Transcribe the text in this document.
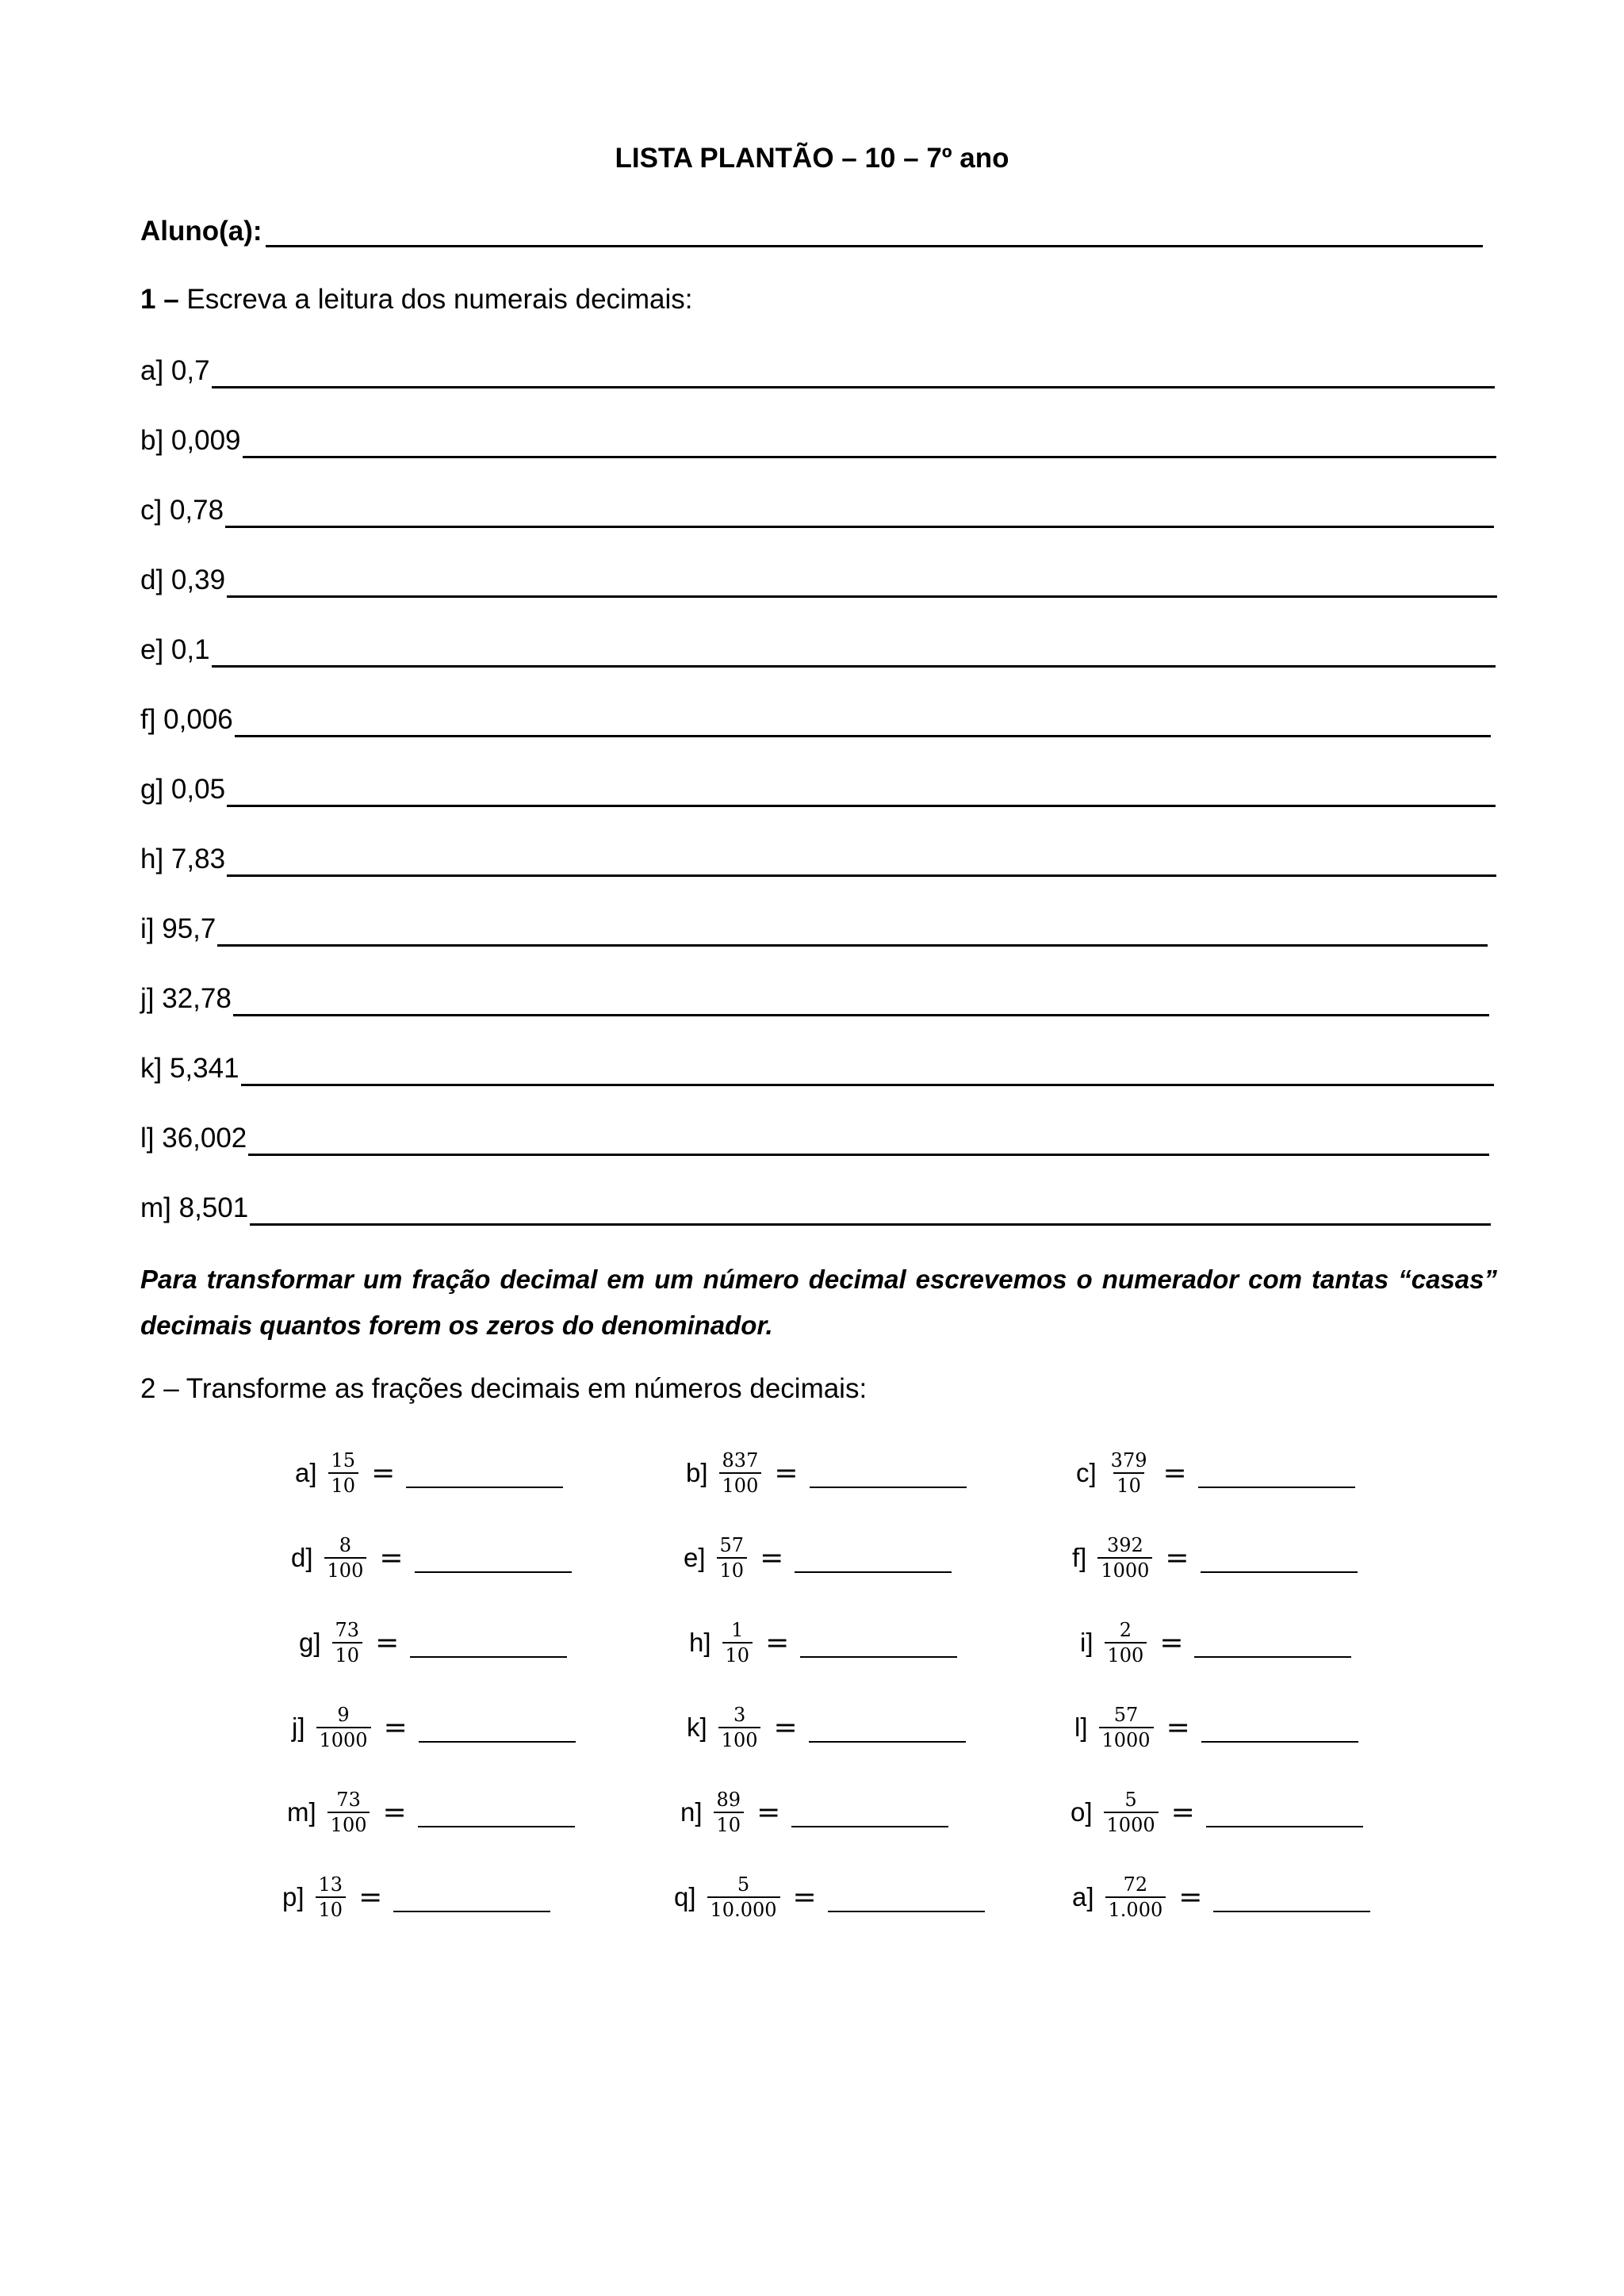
LISTA PLANTÃO – 10 – 7º ano
Aluno(a):
1 – Escreva a leitura dos numerais decimais:
a] 0,7
b] 0,009
c] 0,78
d] 0,39
e] 0,1
f] 0,006
g] 0,05
h] 7,83
i] 95,7
j] 32,78
k] 5,341
l] 36,002
m] 8,501
Para transformar um fração decimal em um número decimal escrevemos o numerador com tantas “casas” decimais quantos forem os zeros do denominador.
2 – Transforme as frações decimais em números decimais:
$a] \frac{15}{10}$ =	$b] \frac{837}{100}$ =	$c] \frac{379}{10}$ =
$d] \frac{8}{100}$ =	$e] \frac{57}{10}$ =	$f] \frac{392}{1000}$ =
$g] \frac{73}{10}$ =	$h] \frac{1}{10}$ =	$i] \frac{2}{100}$ =
$j] \frac{9}{1000}$ =	$k] \frac{3}{100}$ =	$l] \frac{57}{1000}$ =
$m] \frac{73}{100}$ =	$n] \frac{89}{10}$ =	$o] \frac{5}{1000}$ =
$p] \frac{13}{10}$ =	$q] \frac{5}{10.000}$ =	$a] \frac{72}{1.000}$ =
